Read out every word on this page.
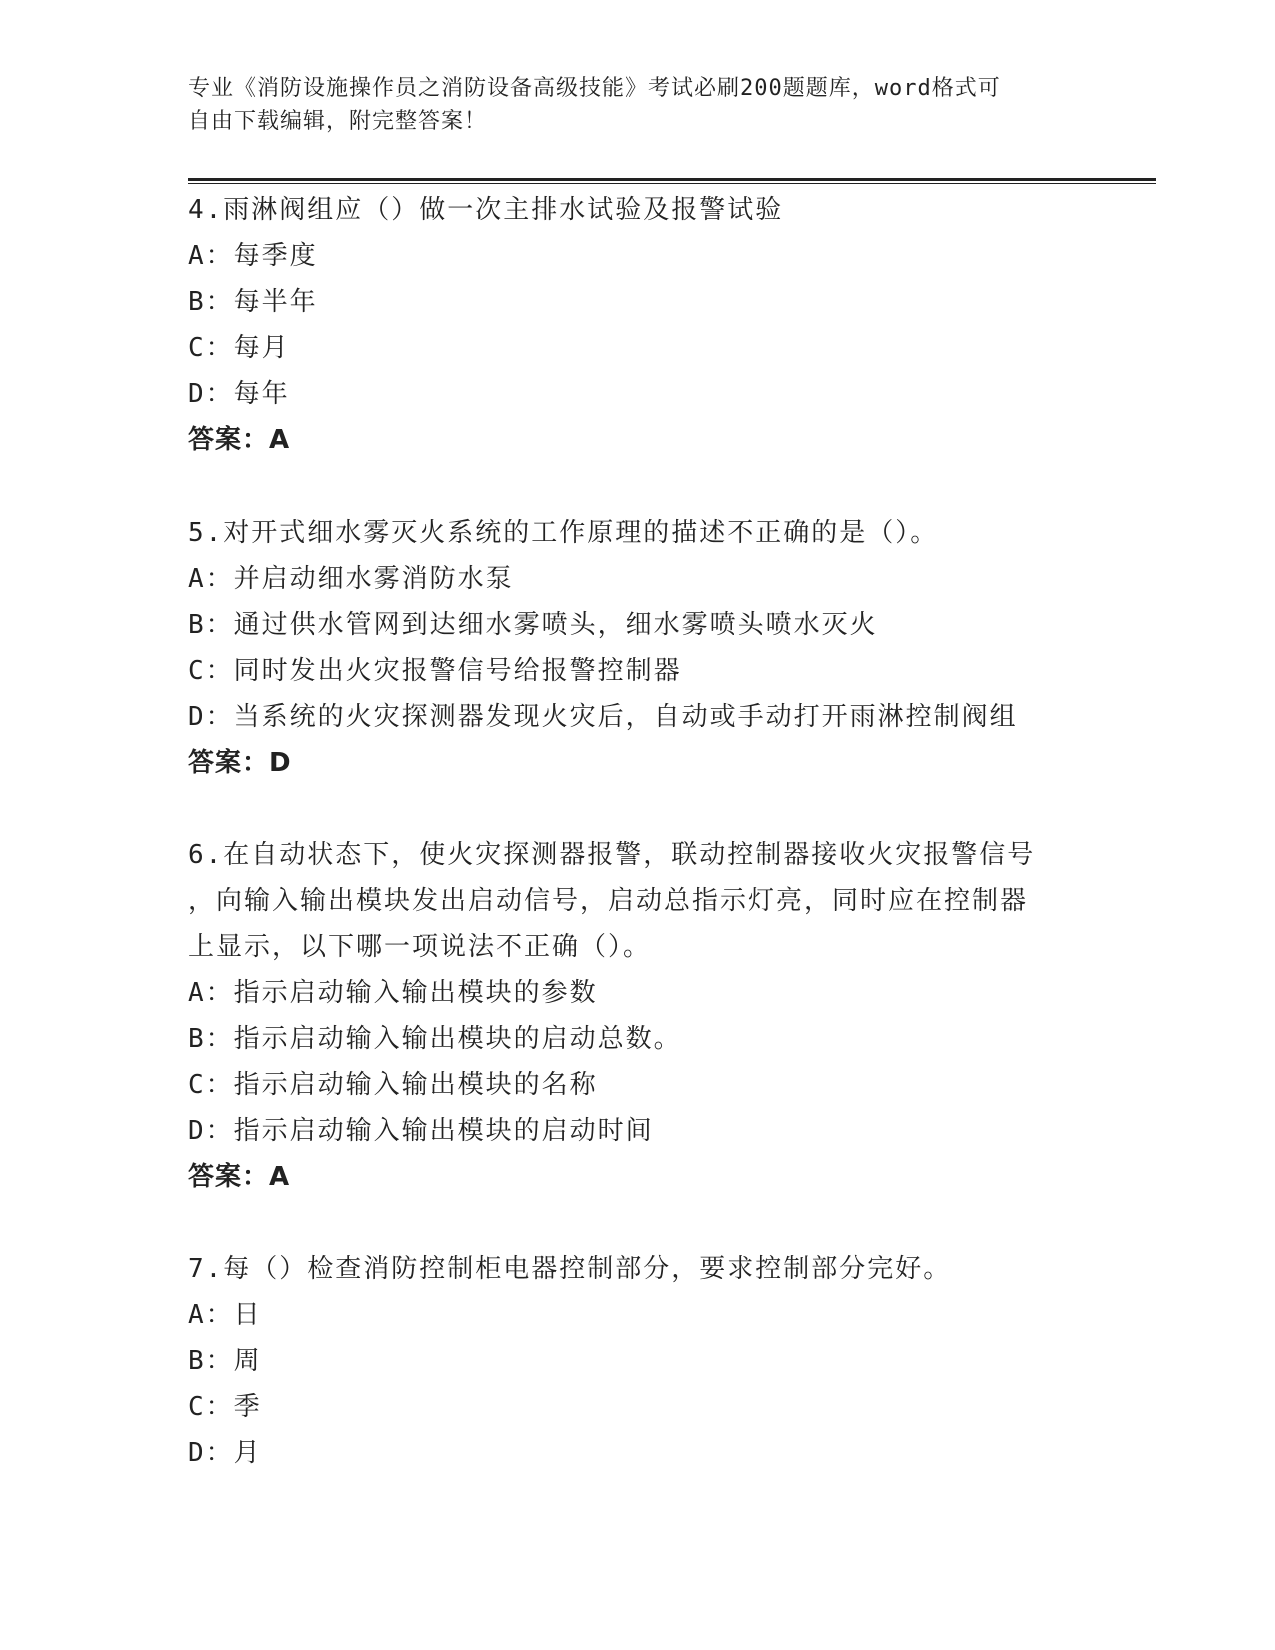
专业《消防设施操作员之消防设备高级技能》考试必刷200题题库，word格式可
自由下载编辑，附完整答案！
4.雨淋阀组应（）做一次主排水试验及报警试验
A：每季度
B：每半年
C：每月
D：每年
答案：A
5.对开式细水雾灭火系统的工作原理的描述不正确的是（）。
A：并启动细水雾消防水泵
B：通过供水管网到达细水雾喷头，细水雾喷头喷水灭火
C：同时发出火灾报警信号给报警控制器
D：当系统的火灾探测器发现火灾后，自动或手动打开雨淋控制阀组
答案：D
6.在自动状态下，使火灾探测器报警，联动控制器接收火灾报警信号
，向输入输出模块发出启动信号，启动总指示灯亮，同时应在控制器
上显示，以下哪一项说法不正确（）。
A：指示启动输入输出模块的参数
B：指示启动输入输出模块的启动总数。
C：指示启动输入输出模块的名称
D：指示启动输入输出模块的启动时间
答案：A
7.每（）检查消防控制柜电器控制部分，要求控制部分完好。
A：日
B：周
C：季
D：月
